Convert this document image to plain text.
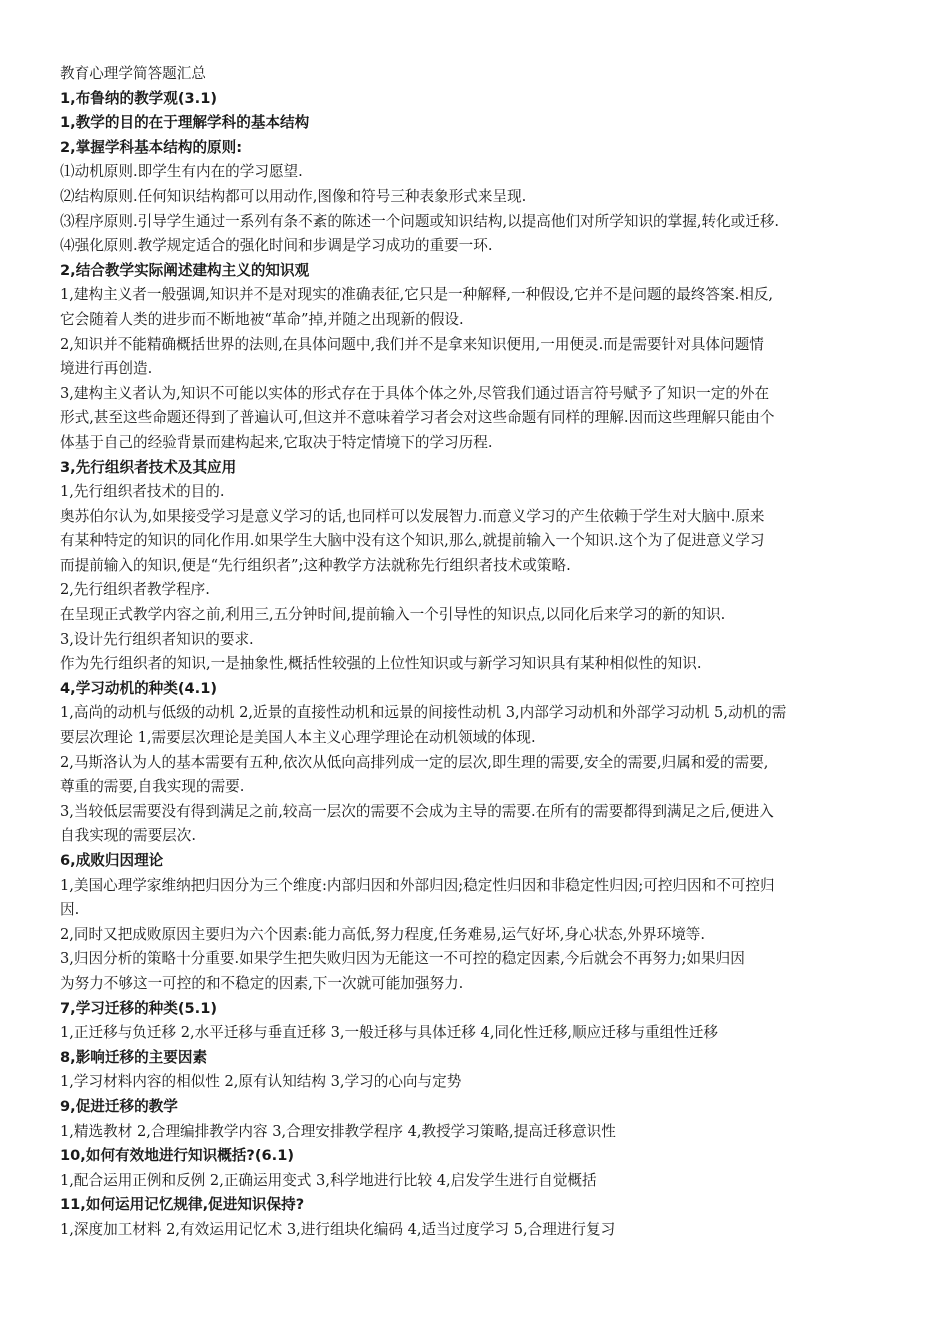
教育心理学简答题汇总
1,布鲁纳的教学观(3.1)
1,教学的目的在于理解学科的基本结构
2,掌握学科基本结构的原则:
⑴动机原则.即学生有内在的学习愿望.
⑵结构原则.任何知识结构都可以用动作,图像和符号三种表象形式来呈现.
⑶程序原则.引导学生通过一系列有条不紊的陈述一个问题或知识结构,以提高他们对所学知识的掌握,转化或迁移.
⑷强化原则.教学规定适合的强化时间和步调是学习成功的重要一环.
2,结合教学实际阐述建构主义的知识观
1,建构主义者一般强调,知识并不是对现实的准确表征,它只是一种解释,一种假设,它并不是问题的最终答案.相反,
它会随着人类的进步而不断地被“革命”掉,并随之出现新的假设.
2,知识并不能精确概括世界的法则,在具体问题中,我们并不是拿来知识便用,一用便灵.而是需要针对具体问题情
境进行再创造.
3,建构主义者认为,知识不可能以实体的形式存在于具体个体之外,尽管我们通过语言符号赋予了知识一定的外在
形式,甚至这些命题还得到了普遍认可,但这并不意味着学习者会对这些命题有同样的理解.因而这些理解只能由个
体基于自己的经验背景而建构起来,它取决于特定情境下的学习历程.
3,先行组织者技术及其应用
1,先行组织者技术的目的.
奥苏伯尔认为,如果接受学习是意义学习的话,也同样可以发展智力.而意义学习的产生依赖于学生对大脑中.原来
有某种特定的知识的同化作用.如果学生大脑中没有这个知识,那么,就提前输入一个知识.这个为了促进意义学习
而提前输入的知识,便是“先行组织者”;这种教学方法就称先行组织者技术或策略.
2,先行组织者教学程序.
在呈现正式教学内容之前,利用三,五分钟时间,提前输入一个引导性的知识点,以同化后来学习的新的知识.
3,设计先行组织者知识的要求.
作为先行组织者的知识,一是抽象性,概括性较强的上位性知识或与新学习知识具有某种相似性的知识.
4,学习动机的种类(4.1)
1,高尚的动机与低级的动机 2,近景的直接性动机和远景的间接性动机 3,内部学习动机和外部学习动机 5,动机的需
要层次理论 1,需要层次理论是美国人本主义心理学理论在动机领域的体现.
2,马斯洛认为人的基本需要有五种,依次从低向高排列成一定的层次,即生理的需要,安全的需要,归属和爱的需要,
尊重的需要,自我实现的需要.
3,当较低层需要没有得到满足之前,较高一层次的需要不会成为主导的需要.在所有的需要都得到满足之后,便进入
自我实现的需要层次.
6,成败归因理论
1,美国心理学家维纳把归因分为三个维度:内部归因和外部归因;稳定性归因和非稳定性归因;可控归因和不可控归
因.
2,同时又把成败原因主要归为六个因素:能力高低,努力程度,任务难易,运气好坏,身心状态,外界环境等.
3,归因分析的策略十分重要.如果学生把失败归因为无能这一不可控的稳定因素,今后就会不再努力;如果归因
为努力不够这一可控的和不稳定的因素,下一次就可能加强努力.
7,学习迁移的种类(5.1)
1,正迁移与负迁移 2,水平迁移与垂直迁移 3,一般迁移与具体迁移 4,同化性迁移,顺应迁移与重组性迁移
8,影响迁移的主要因素
1,学习材料内容的相似性 2,原有认知结构 3,学习的心向与定势
9,促进迁移的教学
1,精选教材 2,合理编排教学内容 3,合理安排教学程序 4,教授学习策略,提高迁移意识性
10,如何有效地进行知识概括?(6.1)
1,配合运用正例和反例 2,正确运用变式 3,科学地进行比较 4,启发学生进行自觉概括
11,如何运用记忆规律,促进知识保持?
1,深度加工材料 2,有效运用记忆术 3,进行组块化编码 4,适当过度学习 5,合理进行复习
